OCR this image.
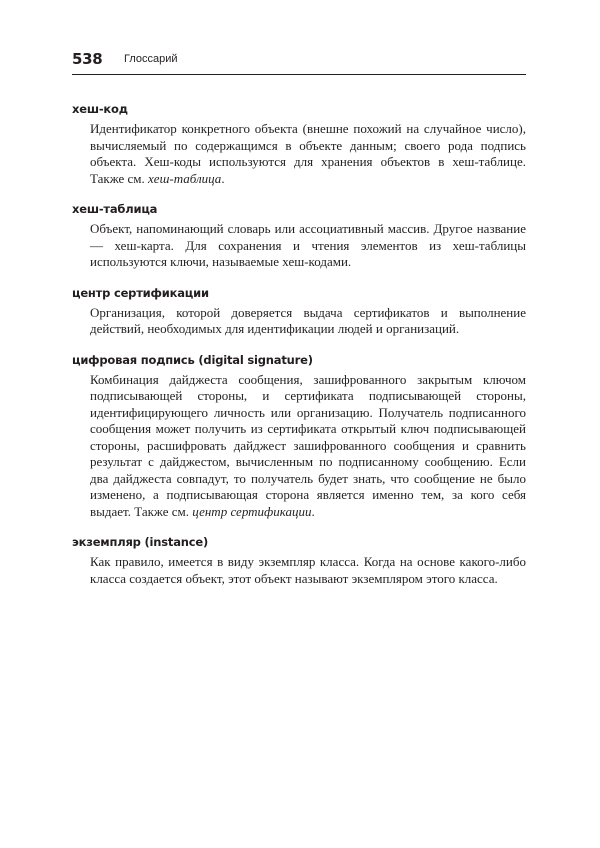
538 Глоссарий
хеш-код

Идентификатор конкретного объекта (внешне похожий на случайное число), вычисляемый по содержащимся в объекте данным; своего рода подпись объекта. Хеш-коды используются для хранения объектов в хеш-таблице. Также см. хеш-таблица.

хеш-таблица

Объект, напоминающий словарь или ассоциативный массив. Другое название — хеш-карта. Для сохранения и чтения элементов из хеш-таблицы используются ключи, называемые хеш-кодами.

центр сертификации

Организация, которой доверяется выдача сертификатов и выполнение действий, необходимых для идентификации людей и организаций.

цифровая подпись (digital signature)

Комбинация дайджеста сообщения, зашифрованного закрытым ключом подписывающей стороны, и сертификата подписывающей стороны, идентифицирующего личность или организацию. Получатель подписанного сообщения может получить из сертификата открытый ключ подписывающей стороны, расшифровать дайджест зашифрованного сообщения и сравнить результат с дайджестом, вычисленным по подписанному сообщению. Если два дайджеста совпадут, то получатель будет знать, что сообщение не было изменено, а подписывающая сторона является именно тем, за кого себя выдает. Также см. центр сертификации.

экземпляр (instance)

Как правило, имеется в виду экземпляр класса. Когда на основе какого-либо класса создается объект, этот объект называют экземпляром этого класса.
